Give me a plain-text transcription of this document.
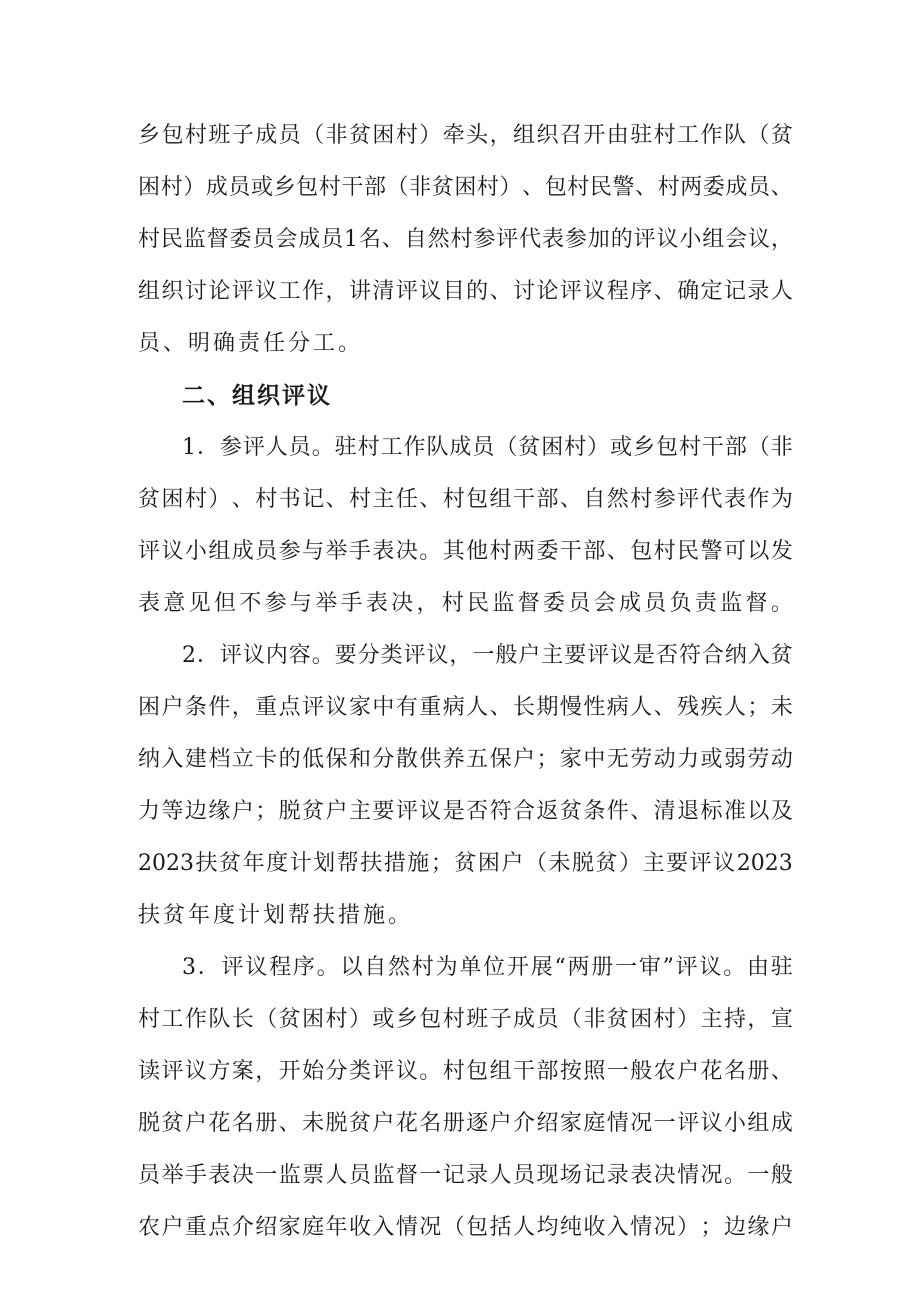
乡 包 村 班 子 成 员 （ 非 贫 困 村 ） 牵 头 ， 组 织 召 开 由 驻 村 工 作 队 （ 贫
困 村 ） 成 员 或 乡 包 村 干 部 （ 非 贫 困 村 ） 、 包 村 民 警 、 村 两 委 成 员 、
村 民 监 督 委 员 会 成 员 1 名 、 自 然 村 参 评 代 表 参 加 的 评 议 小 组 会 议 ，
组 织 讨 论 评 议 工 作 ， 讲 清 评 议 目 的 、 讨 论 评 议 程 序 、 确 定 记 录 人
员、明确责任分工。
二、组织评议
1 ． 参 评 人 员 。 驻 村 工 作 队 成 员 （ 贫 困 村 ） 或 乡 包 村 干 部 （ 非
贫 困 村 ） 、 村 书 记 、 村 主 任 、 村 包 组 干 部 、 自 然 村 参 评 代 表 作 为
评 议 小 组 成 员 参 与 举 手 表 决 。 其 他 村 两 委 干 部 、 包 村 民 警 可 以 发
表 意 见 但 不 参 与 举 手 表 决 ， 村 民 监 督 委 员 会 成 员 负 责 监 督 。
2 ． 评 议 内 容 。 要 分 类 评 议 ， 一 般 户 主 要 评 议 是 否 符 合 纳 入 贫
困 户 条 件 ， 重 点 评 议 家 中 有 重 病 人 、 长 期 慢 性 病 人 、 残 疾 人 ； 未
纳 入 建 档 立 卡 的 低 保 和 分 散 供 养 五 保 户 ； 家 中 无 劳 动 力 或 弱 劳 动
力 等 边 缘 户 ； 脱 贫 户 主 要 评 议 是 否 符 合 返 贫 条 件 、 清 退 标 准 以 及
2023 扶 贫 年 度 计 划 帮 扶 措 施 ； 贫 困 户 （ 未 脱 贫 ） 主 要 评 议 2023
扶贫年度计划帮扶措施。
3 ． 评 议 程 序 。 以 自 然 村 为 单 位 开 展 “ 两 册 一 审 ” 评 议 。 由 驻
村 工 作 队 长 （ 贫 困 村 ） 或 乡 包 村 班 子 成 员 （ 非 贫 困 村 ） 主 持 ， 宣
读 评 议 方 案 ， 开 始 分 类 评 议 。 村 包 组 干 部 按 照 一 般 农 户 花 名 册 、
脱 贫 户 花 名 册 、 未 脱 贫 户 花 名 册 逐 户 介 绍 家 庭 情 况 一 评 议 小 组 成
员 举 手 表 决 一 监 票 人 员 监 督 一 记 录 人 员 现 场 记 录 表 决 情 况 。 一 般
农 户 重 点 介 绍 家 庭 年 收 入 情 况 （ 包 括 人 均 纯 收 入 情 况 ） ； 边 缘 户
